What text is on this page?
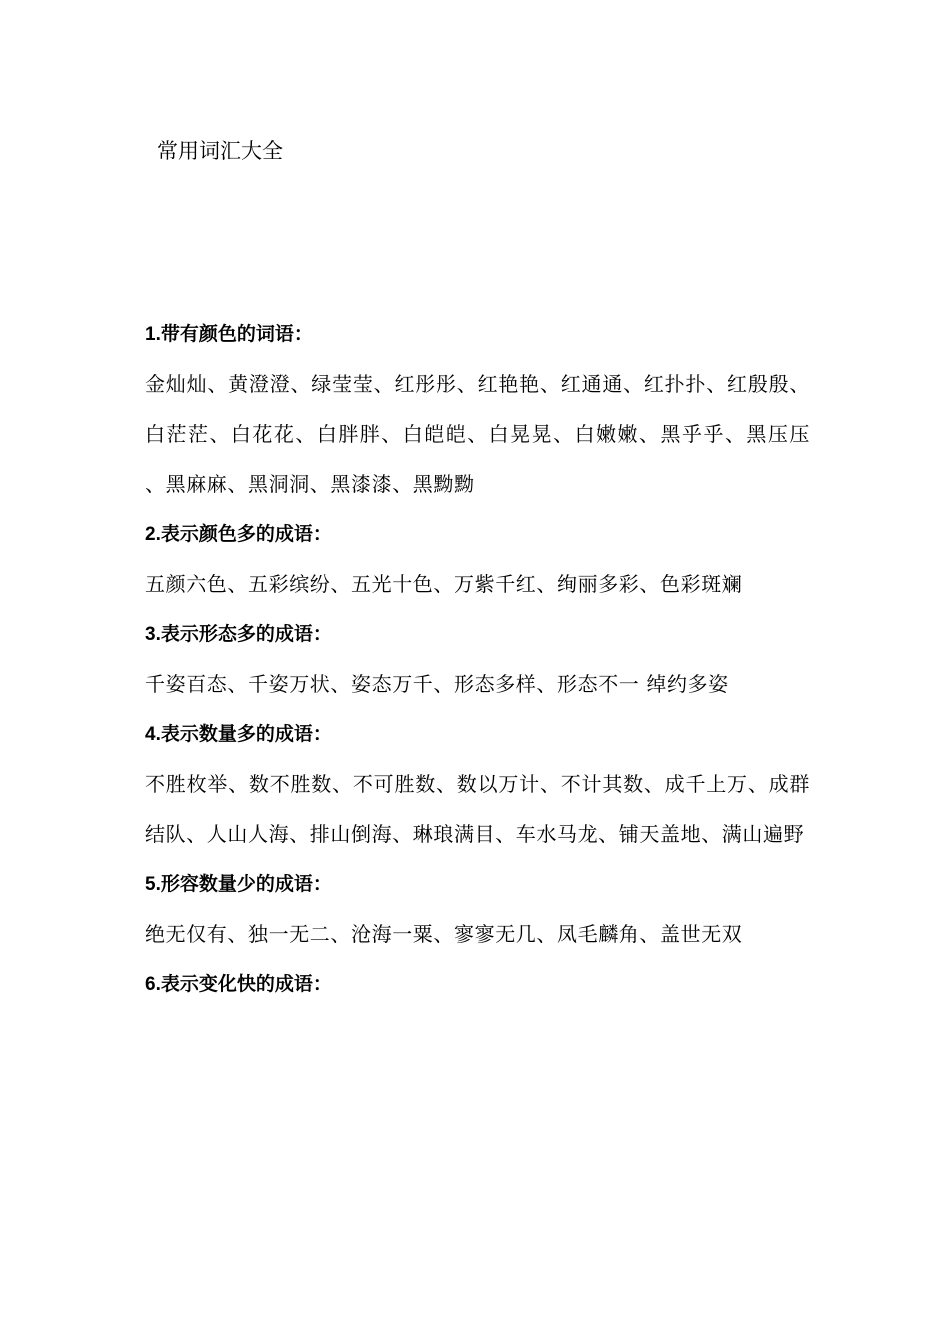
常用词汇大全

1.带有颜色的词语：

金灿灿、黄澄澄、绿莹莹、红彤彤、红艳艳、红通通、红扑扑、红殷殷、白茫茫、白花花、白胖胖、白皑皑、白晃晃、白嫩嫩、黑乎乎、黑压压 、黑麻麻、黑洞洞、黑漆漆、黑黝黝

2.表示颜色多的成语：

五颜六色、五彩缤纷、五光十色、万紫千红、绚丽多彩、色彩斑斓

3.表示形态多的成语：

千姿百态、千姿万状、姿态万千、形态多样、形态不一 绰约多姿

4.表示数量多的成语：

不胜枚举、数不胜数、不可胜数、数以万计、不计其数、成千上万、成群结队、人山人海、排山倒海、琳琅满目、车水马龙、铺天盖地、满山遍野

5.形容数量少的成语：

绝无仅有、独一无二、沧海一粟、寥寥无几、凤毛麟角、盖世无双

6.表示变化快的成语：
